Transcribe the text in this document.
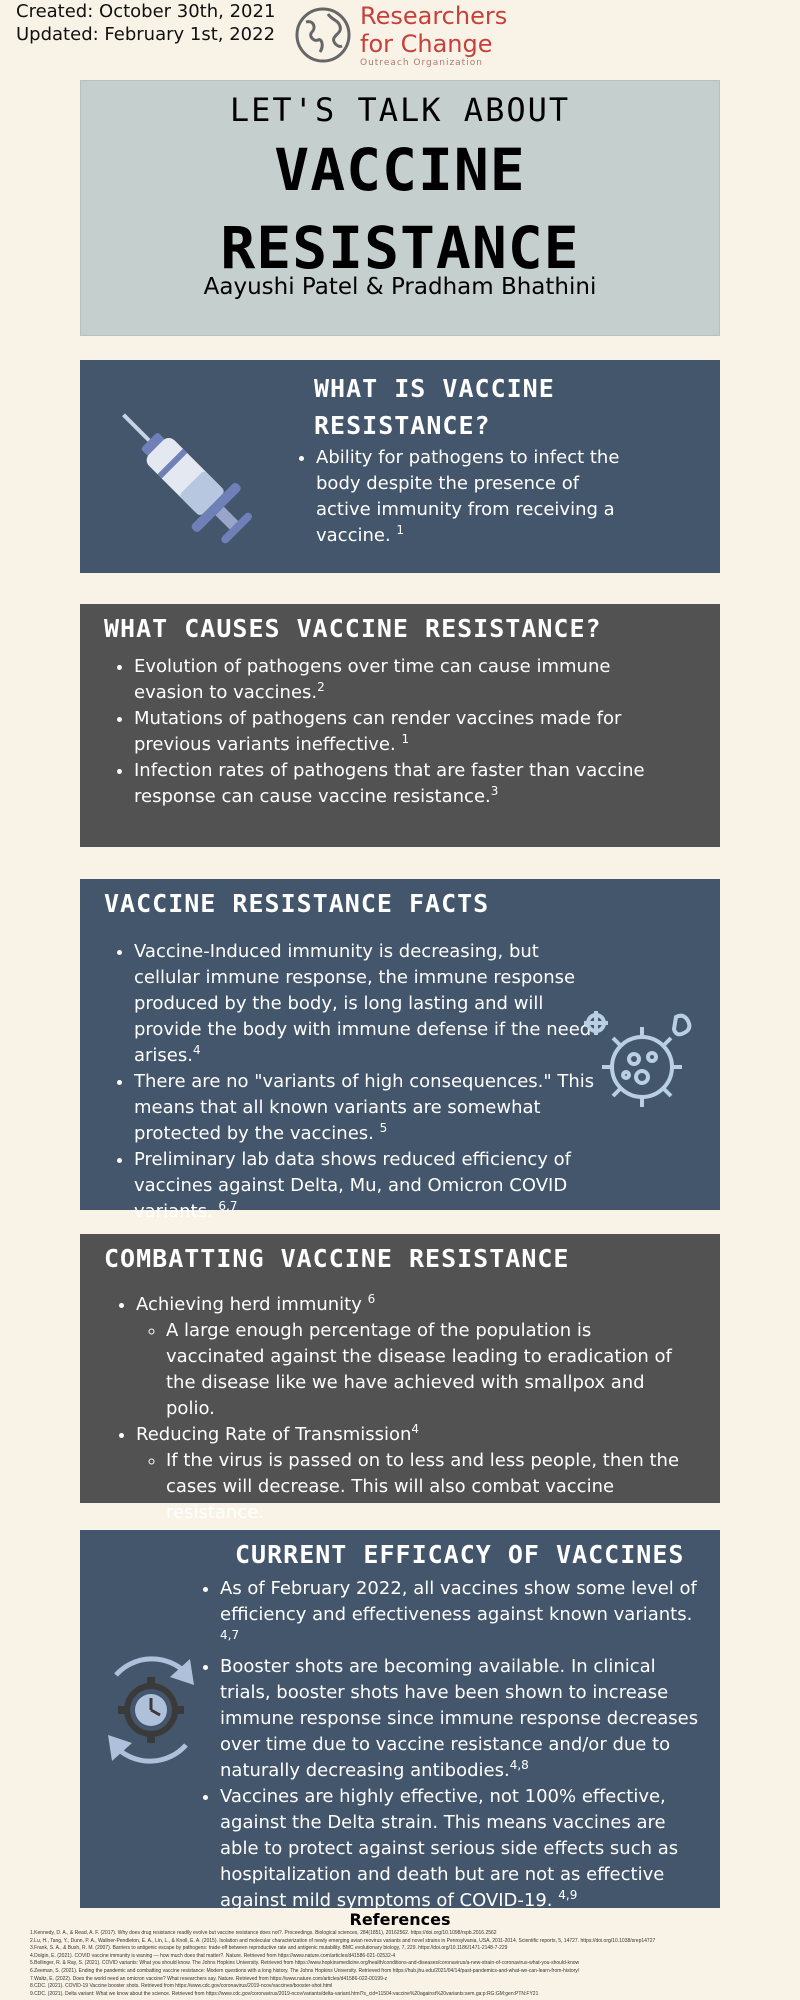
Created: October 30th, 2021
Updated: February 1st, 2022
Researchers
for Change
Outreach Organization
LET'S TALK ABOUT
VACCINE
RESISTANCE
Aayushi Patel & Pradham Bhathini
WHAT IS VACCINE
RESISTANCE?
• Ability for pathogens to infect the body despite the presence of active immunity from receiving a vaccine. $^1$
WHAT CAUSES VACCINE RESISTANCE?
• Evolution of pathogens over time can cause immune evasion to vaccines.$^2$
• Mutations of pathogens can render vaccines made for previous variants ineffective. $^1$
• Infection rates of pathogens that are faster than vaccine response can cause vaccine resistance.$^3$
VACCINE RESISTANCE FACTS
• Vaccine-Induced immunity is decreasing, but cellular immune response, the immune response produced by the body, is long lasting and will provide the body with immune defense if the need arises.$^4$
• There are no "variants of high consequences." This means that all known variants are somewhat protected by the vaccines. $^5$
• Preliminary lab data shows reduced efficiency of vaccines against Delta, Mu, and Omicron COVID variants. $^{6,7}$
COMBATTING VACCINE RESISTANCE
• Achieving herd immunity $^6$
◦ A large enough percentage of the population is vaccinated against the disease leading to eradication of the disease like we have achieved with smallpox and polio.
• Reducing Rate of Transmission$^4$
◦ If the virus is passed on to less and less people, then the cases will decrease. This will also combat vaccine resistance.
CURRENT EFFICACY OF VACCINES
• As of February 2022, all vaccines show some level of efficiency and effectiveness against known variants. $^{4,7}$
• Booster shots are becoming available. In clinical trials, booster shots have been shown to increase immune response since immune response decreases over time due to vaccine resistance and/or due to naturally decreasing antibodies.$^{4,8}$
• Vaccines are highly effective, not 100% effective, against the Delta strain. This means vaccines are able to protect against serious side effects such as hospitalization and death but are not as effective against mild symptoms of COVID-19. $^{4,9}$
References
1.Kennedy, D. A., & Read, A. F. (2017). Why does drug resistance readily evolve but vaccine resistance does not?. Proceedings. Biological sciences, 284(1851), 20162562. https://doi.org/10.1098/rspb.2016.2562
2.Lu, H., Tang, Y., Dunn, P. A., Wallner-Pendleton, E. A., Lin, L., & Knoll, E. A. (2015). Isolation and molecular characterization of newly emerging avian reovirus variants and novel strains in Pennsylvania, USA, 2011-2014. Scientific reports, 5, 14727. https://doi.org/10.1038/srep14727
3.Frank, S. A., & Bush, R. M. (2007). Barriers to antigenic escape by pathogens: trade-off between reproductive rate and antigenic mutability. BMC evolutionary biology, 7, 229. https://doi.org/10.1186/1471-2148-7-229
4.Dolgin, E. (2021). COVID vaccine immunity is waning — how much does that matter?. Nature. Retrieved from https://www.nature.com/articles/d41586-021-02532-4
5.Bollinger, R. & Ray, S. (2021). COVID variants: What you should know. The Johns Hopkins University. Retrieved from https://www.hopkinsmedicine.org/health/conditions-and-diseases/coronavirus/a-new-strain-of-coronavirus-what-you-should-know
6.Zeeman, S. (2021). Ending the pandemic and combatting vaccine resistance: Modern questions with a long history. The Johns Hopkins University. Retrieved from https://hub.jhu.edu/2021/04/14/past-pandemics-and-what-we-can-learn-from-history/
7.Waltz, E. (2022). Does the world need an omicron vaccine? What researchers say. Nature. Retrieved from https://www.nature.com/articles/d41586-022-00199-z
8.CDC. (2021). COVID-19 Vaccine booster shots. Retrieved from https://www.cdc.gov/coronavirus/2019-ncov/vaccines/booster-shot.html
9.CDC. (2021). Delta variant: What we know about the science. Retrieved from https://www.cdc.gov/coronavirus/2019-ncov/variants/delta-variant.html?s_cid=11504:vaccine%20against%20variants:sem.ga:p:RG:GM:gen:PTN:FY21
